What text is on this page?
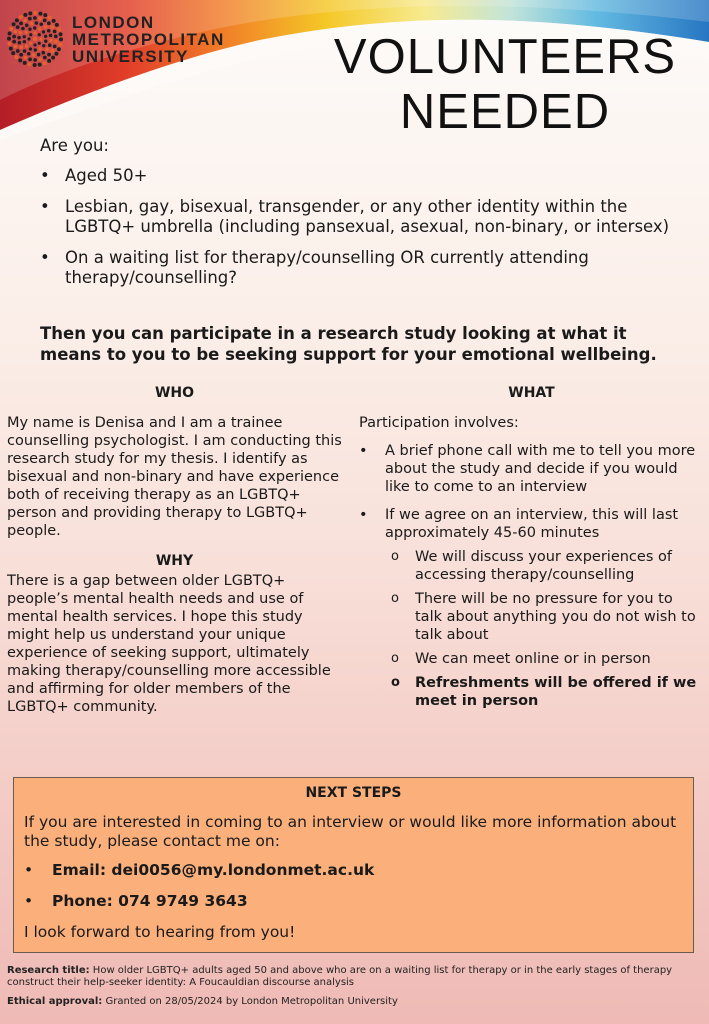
LONDON
METROPOLITAN
UNIVERSITY	VOLUNTEERS
NEEDED

Are you:

• Aged 50+
• Lesbian, gay, bisexual, transgender, or any other identity within the LGBTQ+ umbrella (including pansexual, asexual, non-binary, or intersex)
• On a waiting list for therapy/counselling OR currently attending therapy/counselling?
Then you can participate in a research study looking at what it means to you to be seeking support for your emotional wellbeing.
WHO

My name is Denisa and I am a trainee counselling psychologist. I am conducting this research study for my thesis. I identify as bisexual and non-binary and have experience both of receiving therapy as an LGBTQ+ person and providing therapy to LGBTQ+ people.

WHY

There is a gap between older LGBTQ+ people’s mental health needs and use of mental health services. I hope this study might help us understand your unique experience of seeking support, ultimately making therapy/counselling more accessible and affirming for older members of the LGBTQ+ community.

WHAT

Participation involves:

• A brief phone call with me to tell you more about the study and decide if you would like to come to an interview
• If we agree on an interview, this will last approximately 45-60 minutes
o We will discuss your experiences of accessing therapy/counselling
o There will be no pressure for you to talk about anything you do not wish to talk about
o We can meet online or in person
o Refreshments will be offered if we meet in person
NEXT STEPS

If you are interested in coming to an interview or would like more information about the study, please contact me on:

• Email: dei0056@my.londonmet.ac.uk
• Phone: 074 9749 3643

I look forward to hearing from you!

Research title: How older LGBTQ+ adults aged 50 and above who are on a waiting list for therapy or in the early stages of therapy construct their help-seeker identity: A Foucauldian discourse analysis
Ethical approval: Granted on 28/05/2024 by London Metropolitan University
